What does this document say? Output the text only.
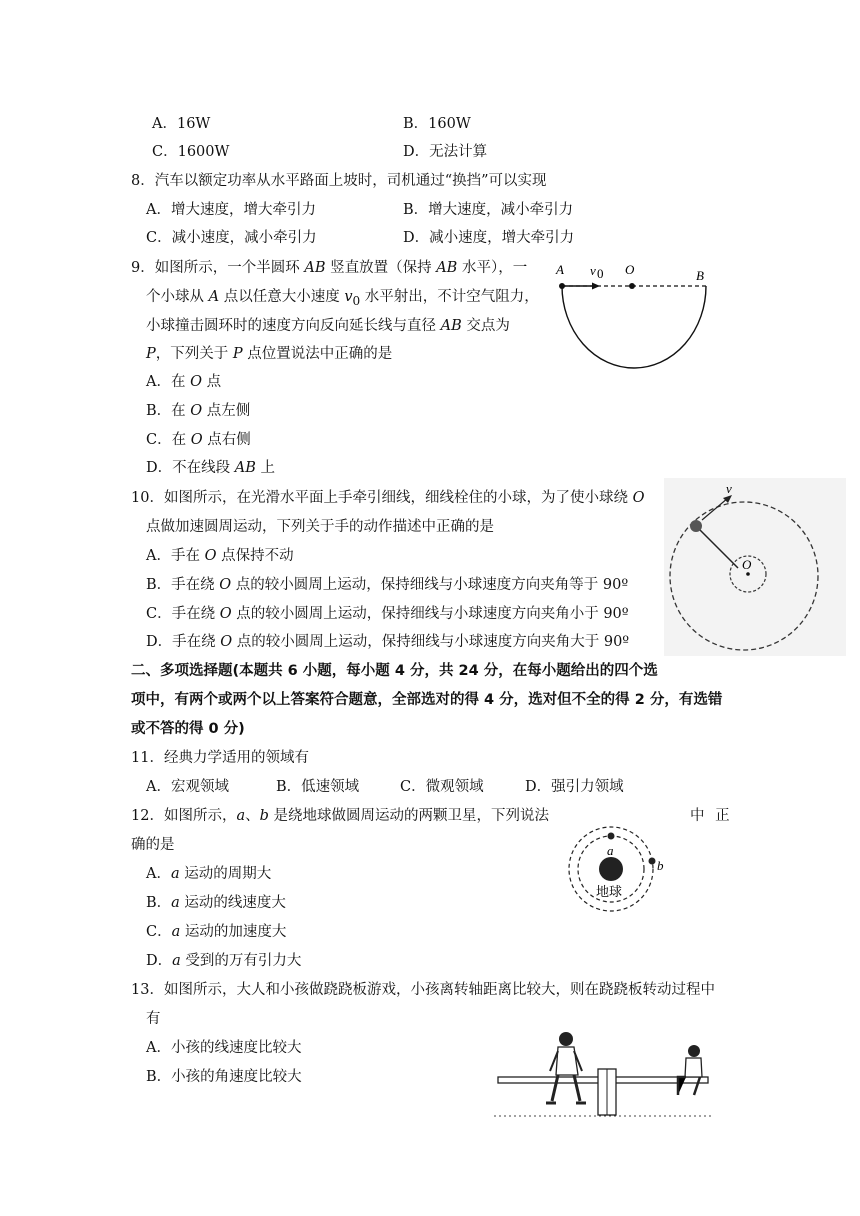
A．16W	B．160W
C．1600W	D．无法计算
8．汽车以额定功率从水平路面上坡时，司机通过“换挡”可以实现
A．增大速度，增大牵引力	B．增大速度，减小牵引力
C．减小速度，减小牵引力	D．减小速度，增大牵引力
9．如图所示，一个半圆环 AB 竖直放置（保持 AB 水平），一
个小球从 A 点以任意大小速度 $v_0$ 水平射出，不计空气阻力，
小球撞击圆环时的速度方向反向延长线与直径 AB 交点为
P，下列关于 P 点位置说法中正确的是
A．在 O 点
B．在 O 点左侧
C．在 O 点右侧
D．不在线段 AB 上
A v 0 O	B
10．如图所示，在光滑水平面上手牵引细线，细线栓住的小球，为了使小球绕 O
点做加速圆周运动，下列关于手的动作描述中正确的是
A．手在 O 点保持不动
B．手在绕 O 点的较小圆周上运动，保持细线与小球速度方向夹角等于 90º
C．手在绕 O 点的较小圆周上运动，保持细线与小球速度方向夹角小于 90º
D．手在绕 O 点的较小圆周上运动，保持细线与小球速度方向夹角大于 90º
v
O
二、多项选择题(本题共 6 小题，每小题 4 分，共 24 分，在每小题给出的四个选
项中，有两个或两个以上答案符合题意，全部选对的得 4 分，选对但不全的得 2 分，有选错
或不答的得 0 分)
11．经典力学适用的领域有
A．宏观领域	B．低速领域	C．微观领域	D．强引力领域
12．如图所示，a、b 是绕地球做圆周运动的两颗卫星，下列说法	中 正
确的是
A．a 运动的周期大
B．a 运动的线速度大
C．a 运动的加速度大
D．a 受到的万有引力大
a
b
地球
13．如图所示，大人和小孩做跷跷板游戏，小孩离转轴距离比较大，则在跷跷板转动过程中
有
A．小孩的线速度比较大
B．小孩的角速度比较大
